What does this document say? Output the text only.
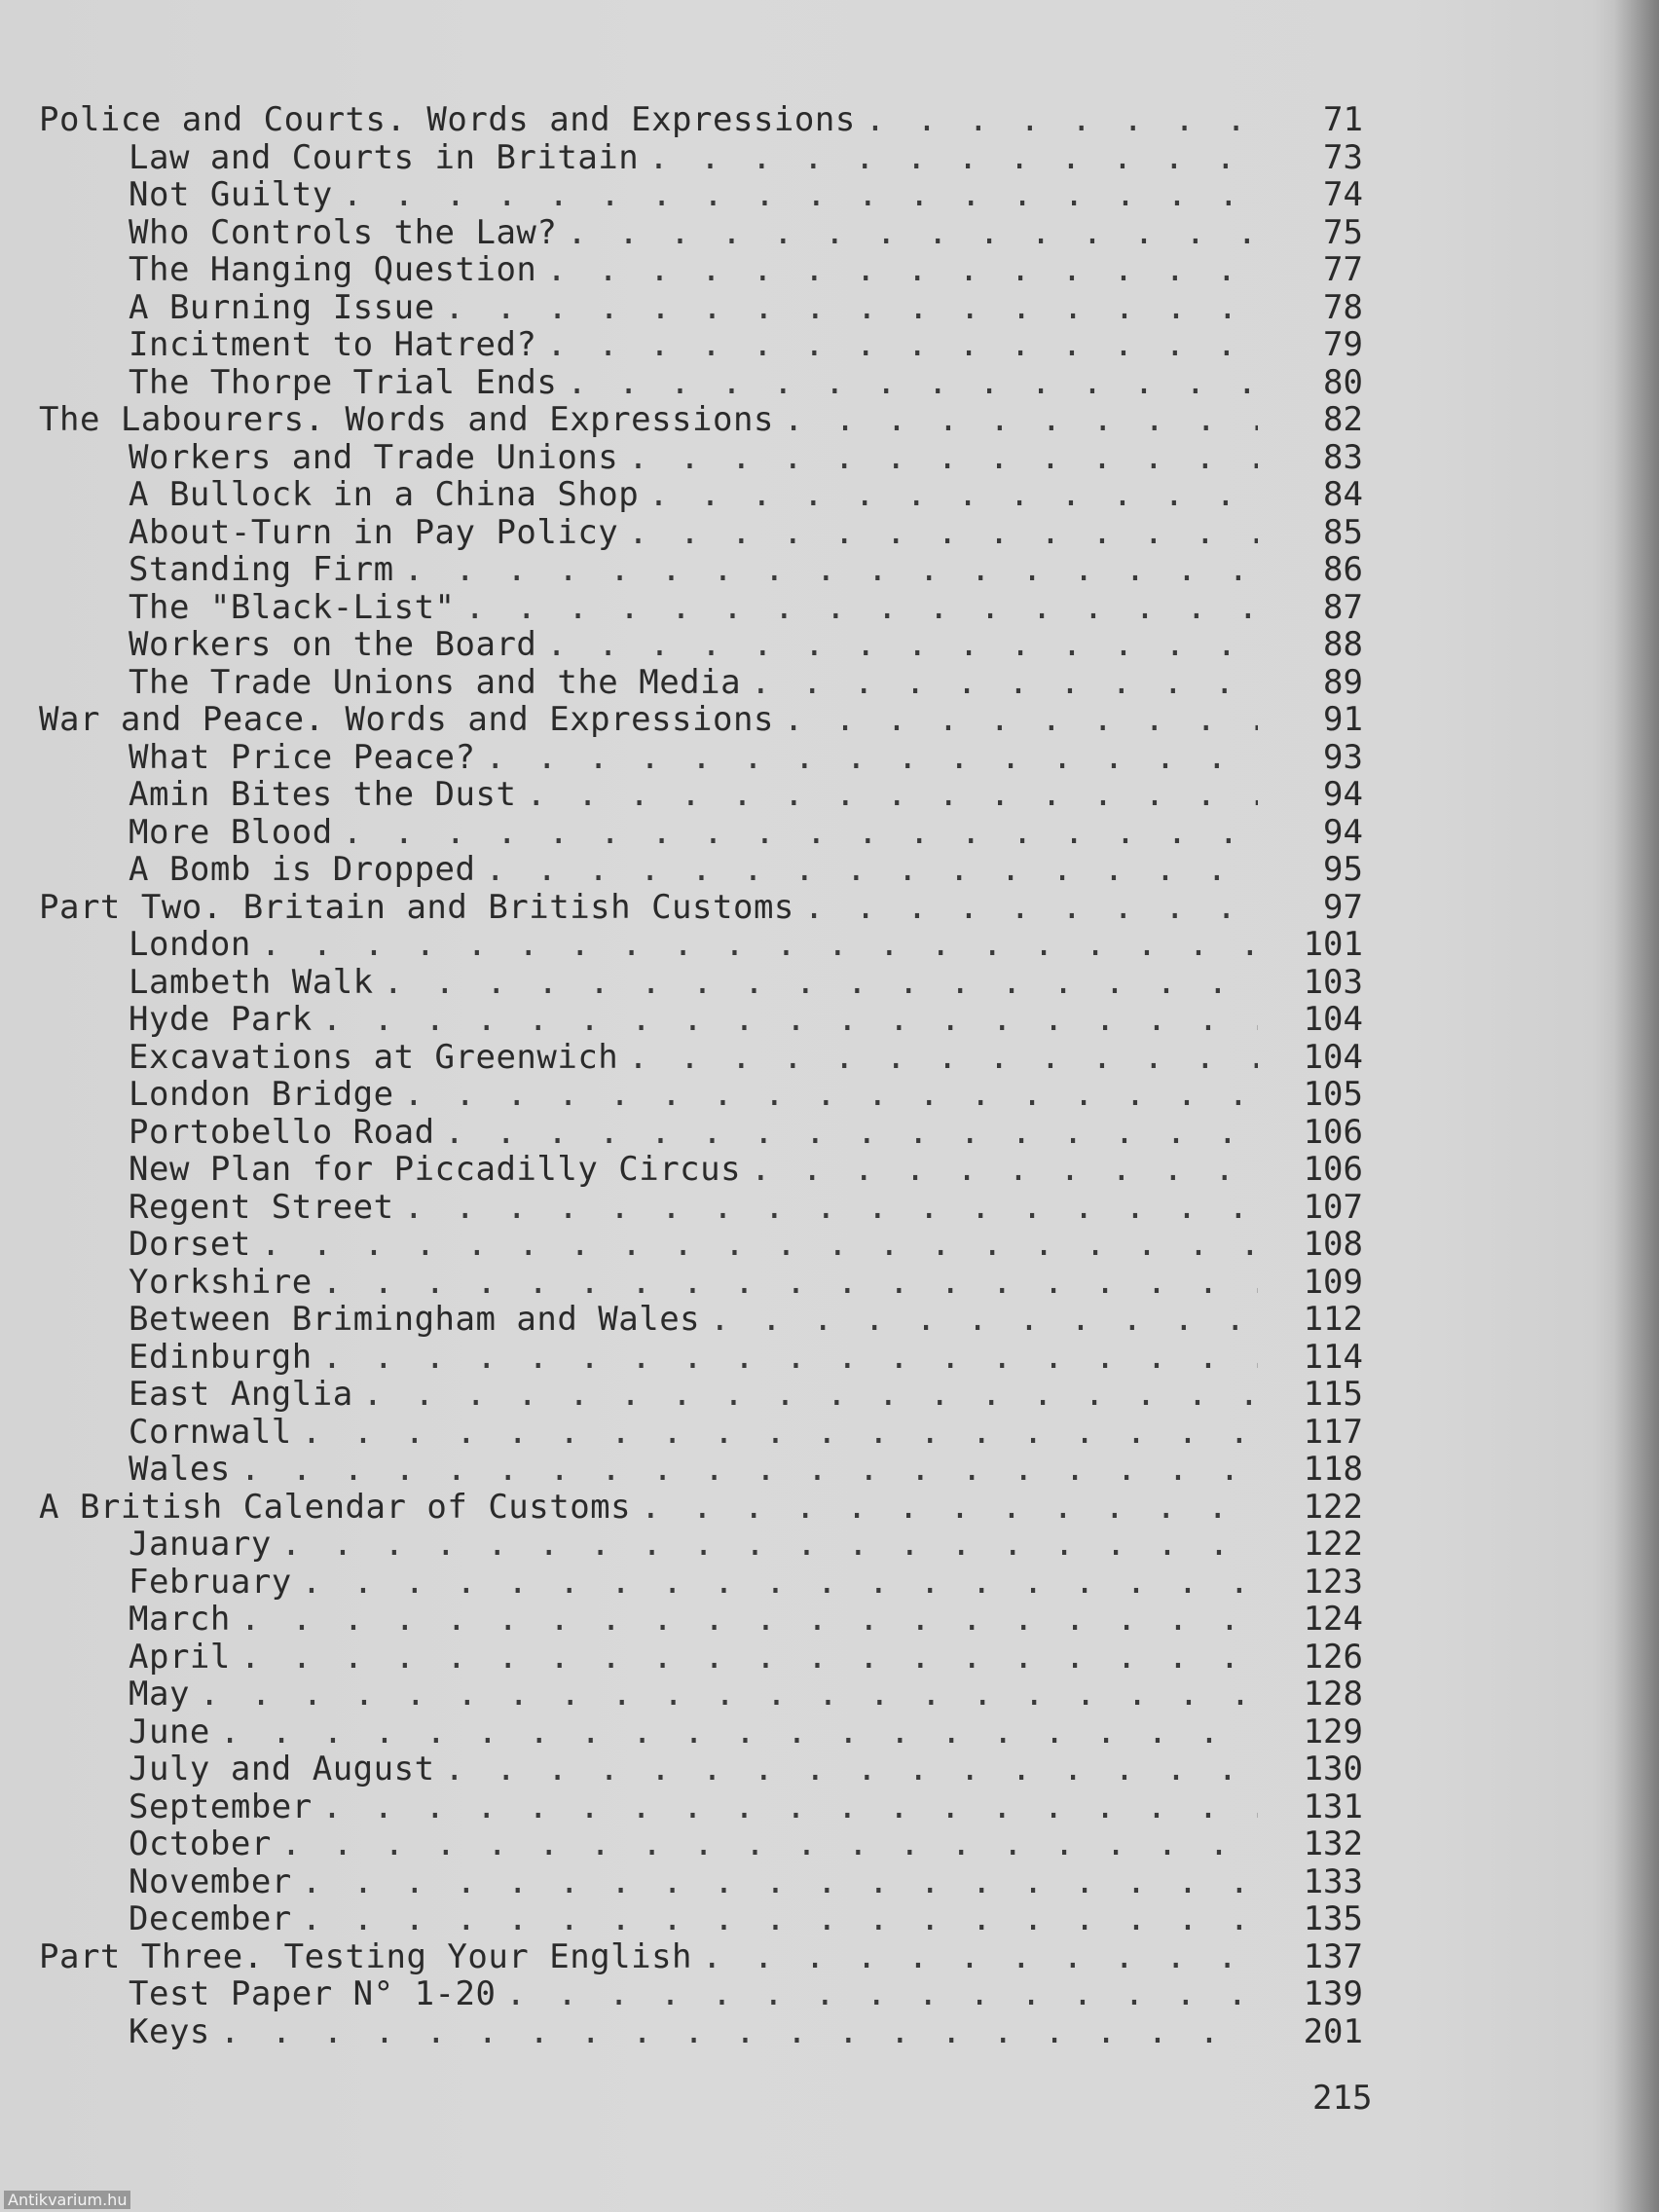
Police and Courts. Words and Expressions . . .	71
Law and Courts in Britain . . .	73
Not Guilty . . .	74
Who Controls the Law? . . .	75
The Hanging Question . . .	77
A Burning Issue . . .	78
Incitment to Hatred? . . .	79
The Thorpe Trial Ends . . .	80
The Labourers. Words and Expressions . . .	82
Workers and Trade Unions . . .	83
A Bullock in a China Shop . . .	84
About-Turn in Pay Policy . . .	85
Standing Firm . . .	86
The "Black-List" . . .	87
Workers on the Board . . .	88
The Trade Unions and the Media . . .	89
War and Peace. Words and Expressions . . .	91
What Price Peace? . . .	93
Amin Bites the Dust . . .	94
More Blood . . .	94
A Bomb is Dropped . . .	95
Part Two. Britain and British Customs . . .	97
London . . .	101
Lambeth Walk . . .	103
Hyde Park . . .	104
Excavations at Greenwich . . .	104
London Bridge . . .	105
Portobello Road . . .	106
New Plan for Piccadilly Circus . . .	106
Regent Street . . .	107
Dorset . . .	108
Yorkshire . . .	109
Between Brimingham and Wales . . .	112
Edinburgh . . .	114
East Anglia . . .	115
Cornwall . . .	117
Wales . . .	118
A British Calendar of Customs . . .	122
January . . .	122
February . . .	123
March . . .	124
April . . .	126
May . . .	128
June . . .	129
July and August . . .	130
September . . .	131
October . . .	132
November . . .	133
December . . .	135
Part Three. Testing Your English . . .	137
Test Paper N° 1-20 . . .	139
Keys . . .	201
215
Antikvarium.hu
